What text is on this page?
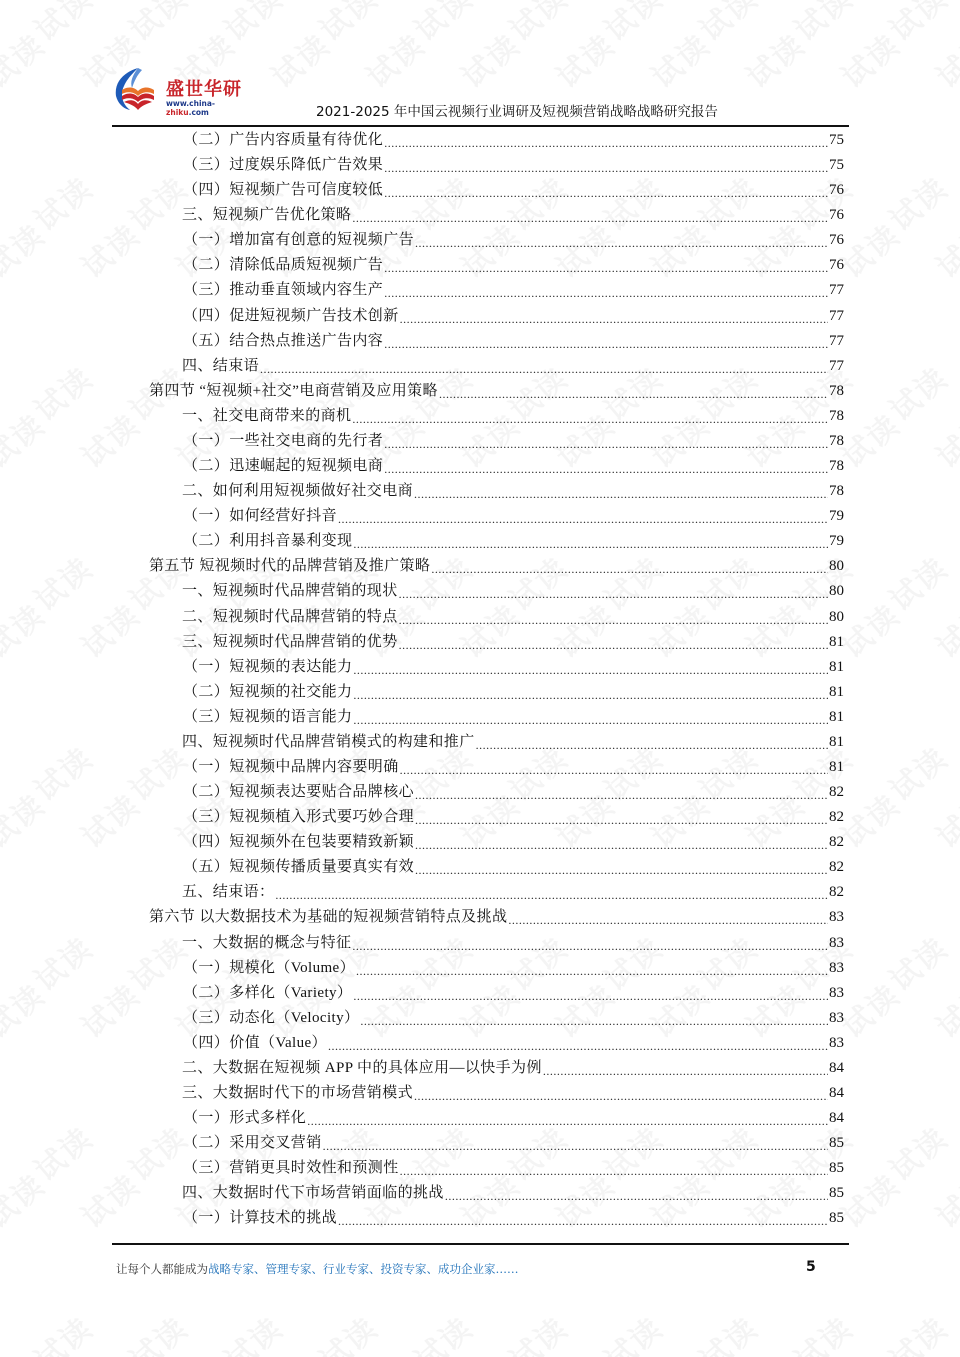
盛世华研
www.china-zhiku.com	2021-2025 年中国云视频行业调研及短视频营销战略战略研究报告
（二）广告内容质量有待优化 .....	75
（三）过度娱乐降低广告效果 .....	75
（四）短视频广告可信度较低 .....	76
三、短视频广告优化策略 .....	76
（一）增加富有创意的短视频广告 .....	76
（二）清除低品质短视频广告 .....	76
（三）推动垂直领域内容生产 .....	77
（四）促进短视频广告技术创新 .....	77
（五）结合热点推送广告内容 .....	77
四、结束语 .....	77
第四节 “短视频+社交”电商营销及应用策略 .....	78
一、社交电商带来的商机 .....	78
（一）一些社交电商的先行者 .....	78
（二）迅速崛起的短视频电商 .....	78
二、如何利用短视频做好社交电商 .....	78
（一）如何经营好抖音 .....	79
（二）利用抖音暴利变现 .....	79
第五节 短视频时代的品牌营销及推广策略 .....	80
一、短视频时代品牌营销的现状 .....	80
二、短视频时代品牌营销的特点 .....	80
三、短视频时代品牌营销的优势 .....	81
（一）短视频的表达能力 .....	81
（二）短视频的社交能力 .....	81
（三）短视频的语言能力 .....	81
四、短视频时代品牌营销模式的构建和推广 .....	81
（一）短视频中品牌内容要明确 .....	81
（二）短视频表达要贴合品牌核心 .....	82
（三）短视频植入形式要巧妙合理 .....	82
（四）短视频外在包装要精致新颖 .....	82
（五）短视频传播质量要真实有效 .....	82
五、结束语： .....	82
第六节 以大数据技术为基础的短视频营销特点及挑战 .....	83
一、大数据的概念与特征 .....	83
（一）规模化（Volume） .....	83
（二）多样化（Variety） .....	83
（三）动态化（Velocity） .....	83
（四）价值（Value） .....	83
二、大数据在短视频 APP 中的具体应用—以快手为例 .....	84
三、大数据时代下的市场营销模式 .....	84
（一）形式多样化 .....	84
（二）采用交叉营销 .....	85
（三）营销更具时效性和预测性 .....	85
四、大数据时代下市场营销面临的挑战 .....	85
（一）计算技术的挑战 .....	85
让每个人都能成为战略专家、管理专家、行业专家、投资专家、成功企业家……	5
